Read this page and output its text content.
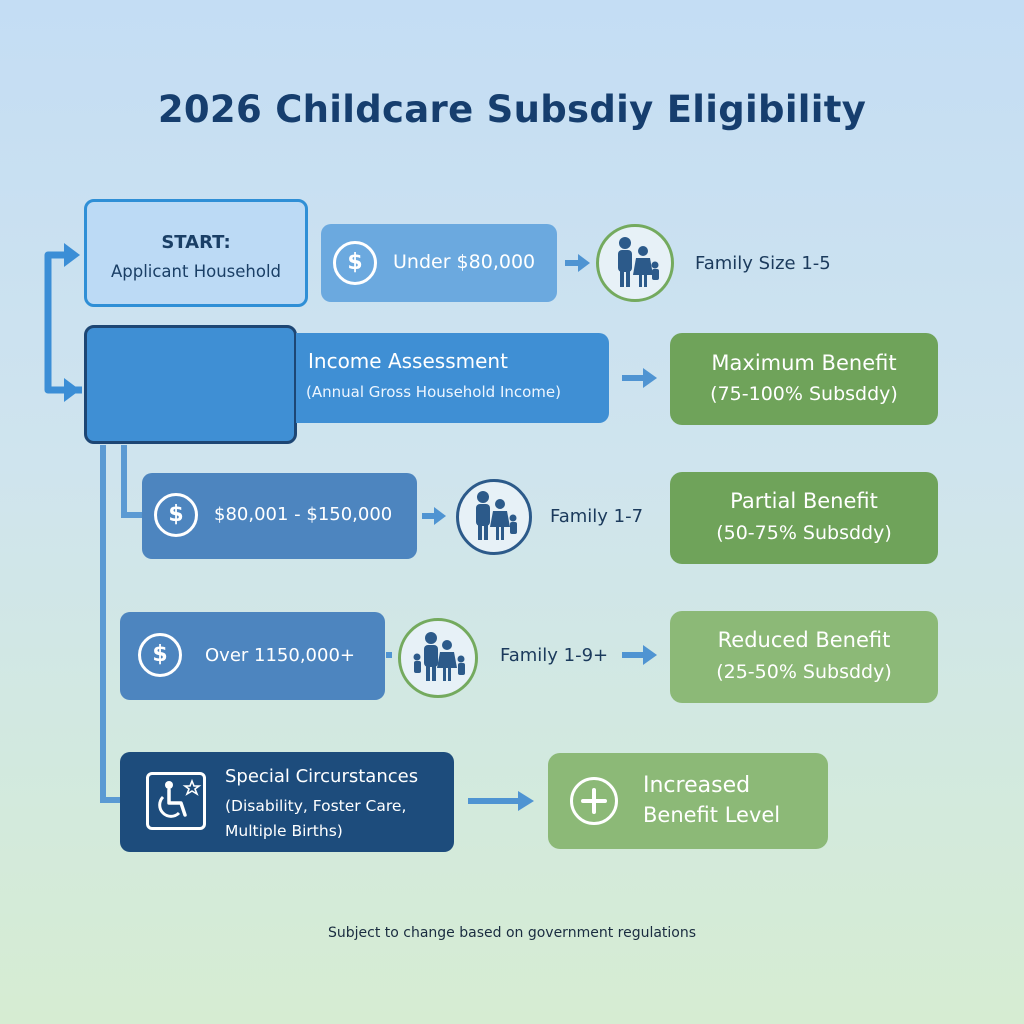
2026 Childcare Subsdiy Eligibility
START:
Applicant Household	$	Under $80,000	Family Size 1-5
Income Assessment
(Annual Gross Household Income)
Maximum Benefit
(75-100% Subsddy)
$	$80,001 - $150,000	Family 1-7
Partial Benefit
(50-75% Subsddy)
$	Over 1150,000+	Family 1-9+
Reduced Benefit
(25-50% Subsddy)
Special Circurstances
(Disability, Foster Care,
Multiple Births)
Increased
Benefit Level
Subject to change based on government regulations
